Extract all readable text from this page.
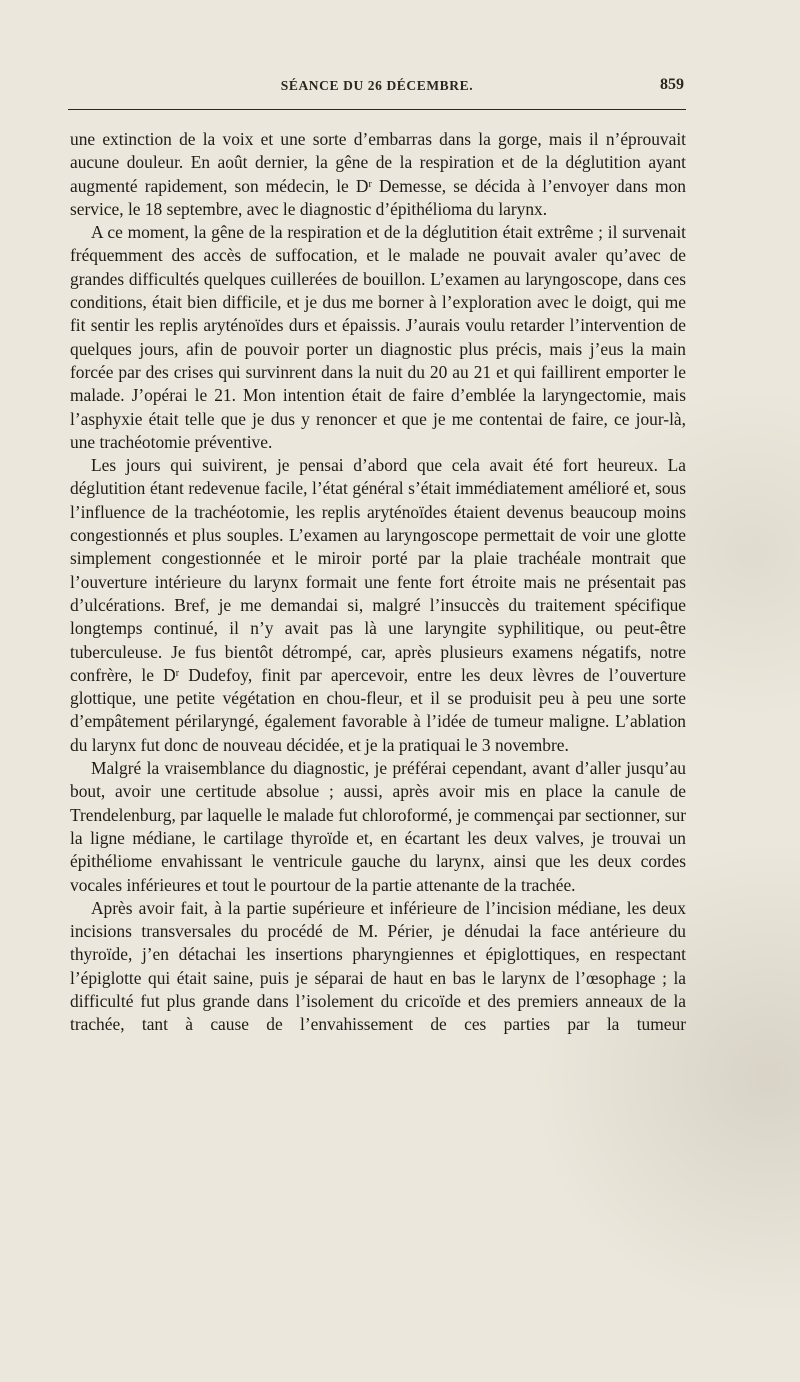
SÉANCE DU 26 DÉCEMBRE.	859

une extinction de la voix et une sorte d’embarras dans la gorge, mais il n’éprouvait aucune douleur. En août dernier, la gêne de la respiration et de la déglutition ayant augmenté rapidement, son médecin, le $D^r$ Demesse, se décida à l’envoyer dans mon service, le 18 septembre, avec le diagnostic d’épithélioma du larynx.

A ce moment, la gêne de la respiration et de la déglutition était extrême ; il survenait fréquemment des accès de suffocation, et le malade ne pouvait avaler qu’avec de grandes difficultés quelques cuillerées de bouillon. L’examen au laryngoscope, dans ces conditions, était bien difficile, et je dus me borner à l’exploration avec le doigt, qui me fit sentir les replis aryténoïdes durs et épaissis. J’aurais voulu retarder l’intervention de quelques jours, afin de pouvoir porter un diagnostic plus précis, mais j’eus la main forcée par des crises qui survinrent dans la nuit du 20 au 21 et qui faillirent emporter le malade. J’opérai le 21. Mon intention était de faire d’emblée la laryngectomie, mais l’asphyxie était telle que je dus y renoncer et que je me contentai de faire, ce jour-là, une trachéotomie préventive.

Les jours qui suivirent, je pensai d’abord que cela avait été fort heureux. La déglutition étant redevenue facile, l’état général s’était immédiatement amélioré et, sous l’influence de la trachéotomie, les replis aryténoïdes étaient devenus beaucoup moins congestionnés et plus souples. L’examen au laryngoscope permettait de voir une glotte simplement congestionnée et le miroir porté par la plaie trachéale montrait que l’ouverture intérieure du larynx formait une fente fort étroite mais ne présentait pas d’ulcérations. Bref, je me demandai si, malgré l’insuccès du traitement spécifique longtemps continué, il n’y avait pas là une laryngite syphilitique, ou peut-être tuberculeuse. Je fus bientôt détrompé, car, après plusieurs examens négatifs, notre confrère, le $D^r$ Dudefoy, finit par apercevoir, entre les deux lèvres de l’ouverture glottique, une petite végétation en chou-fleur, et il se produisit peu à peu une sorte d’empâtement périlaryngé, également favorable à l’idée de tumeur maligne. L’ablation du larynx fut donc de nouveau décidée, et je la pratiquai le 3 novembre.

Malgré la vraisemblance du diagnostic, je préférai cependant, avant d’aller jusqu’au bout, avoir une certitude absolue ; aussi, après avoir mis en place la canule de Trendelenburg, par laquelle le malade fut chloroformé, je commençai par sectionner, sur la ligne médiane, le cartilage thyroïde et, en écartant les deux valves, je trouvai un épithéliome envahissant le ventricule gauche du larynx, ainsi que les deux cordes vocales inférieures et tout le pourtour de la partie attenante de la trachée.

Après avoir fait, à la partie supérieure et inférieure de l’incision médiane, les deux incisions transversales du procédé de M. Périer, je dénudai la face antérieure du thyroïde, j’en détachai les insertions pharyngiennes et épiglottiques, en respectant l’épiglotte qui était saine, puis je séparai de haut en bas le larynx de l’œsophage ; la difficulté fut plus grande dans l’isolement du cricoïde et des premiers anneaux de la trachée, tant à cause de l’envahissement de ces parties par la tumeur
